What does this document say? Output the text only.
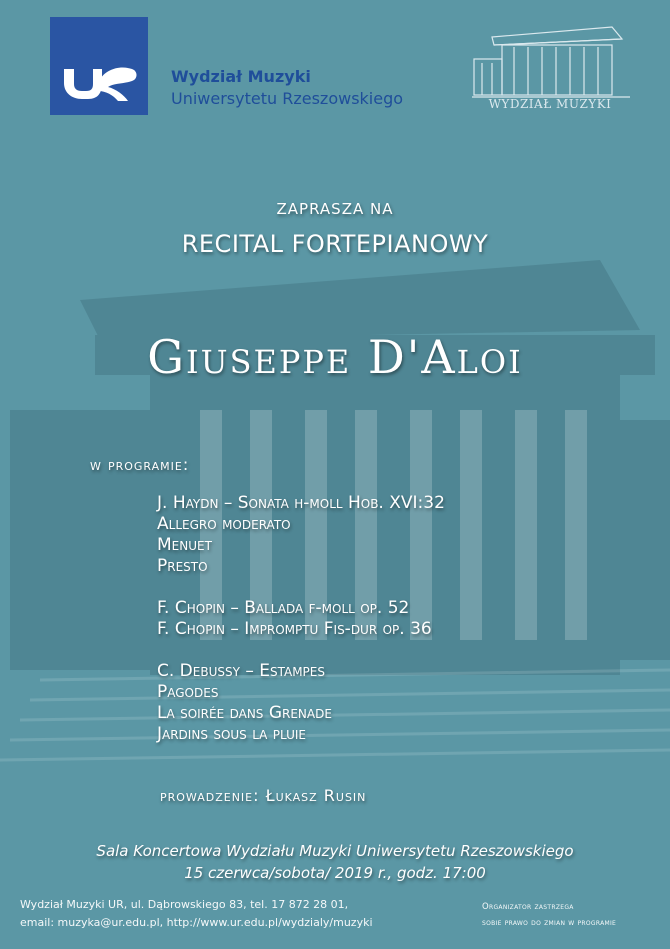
Wydział Muzyki
Uniwersytetu Rzeszowskiego	WYDZIAŁ MUZYKI
ZAPRASZA NA
RECITAL FORTEPIANOWY
Giuseppe D'Aloi
w programie:
J. Haydn – Sonata h-moll Hob. XVI:32
Allegro moderato
Menuet
Presto
F. Chopin – Ballada f-moll op. 52
F. Chopin – Impromptu Fis-dur op. 36
C. Debussy – Estampes
Pagodes
La soirée dans Grenade
Jardins sous la pluie
prowadzenie: Łukasz Rusin
Sala Koncertowa Wydziału Muzyki Uniwersytetu Rzeszowskiego
15 czerwca/sobota/ 2019 r., godz. 17:00
Wydział Muzyki UR, ul. Dąbrowskiego 83, tel. 17 872 28 01,
email: muzyka@ur.edu.pl, http://www.ur.edu.pl/wydzialy/muzyki
Organizator zastrzega
sobie prawo do zmian w programie
